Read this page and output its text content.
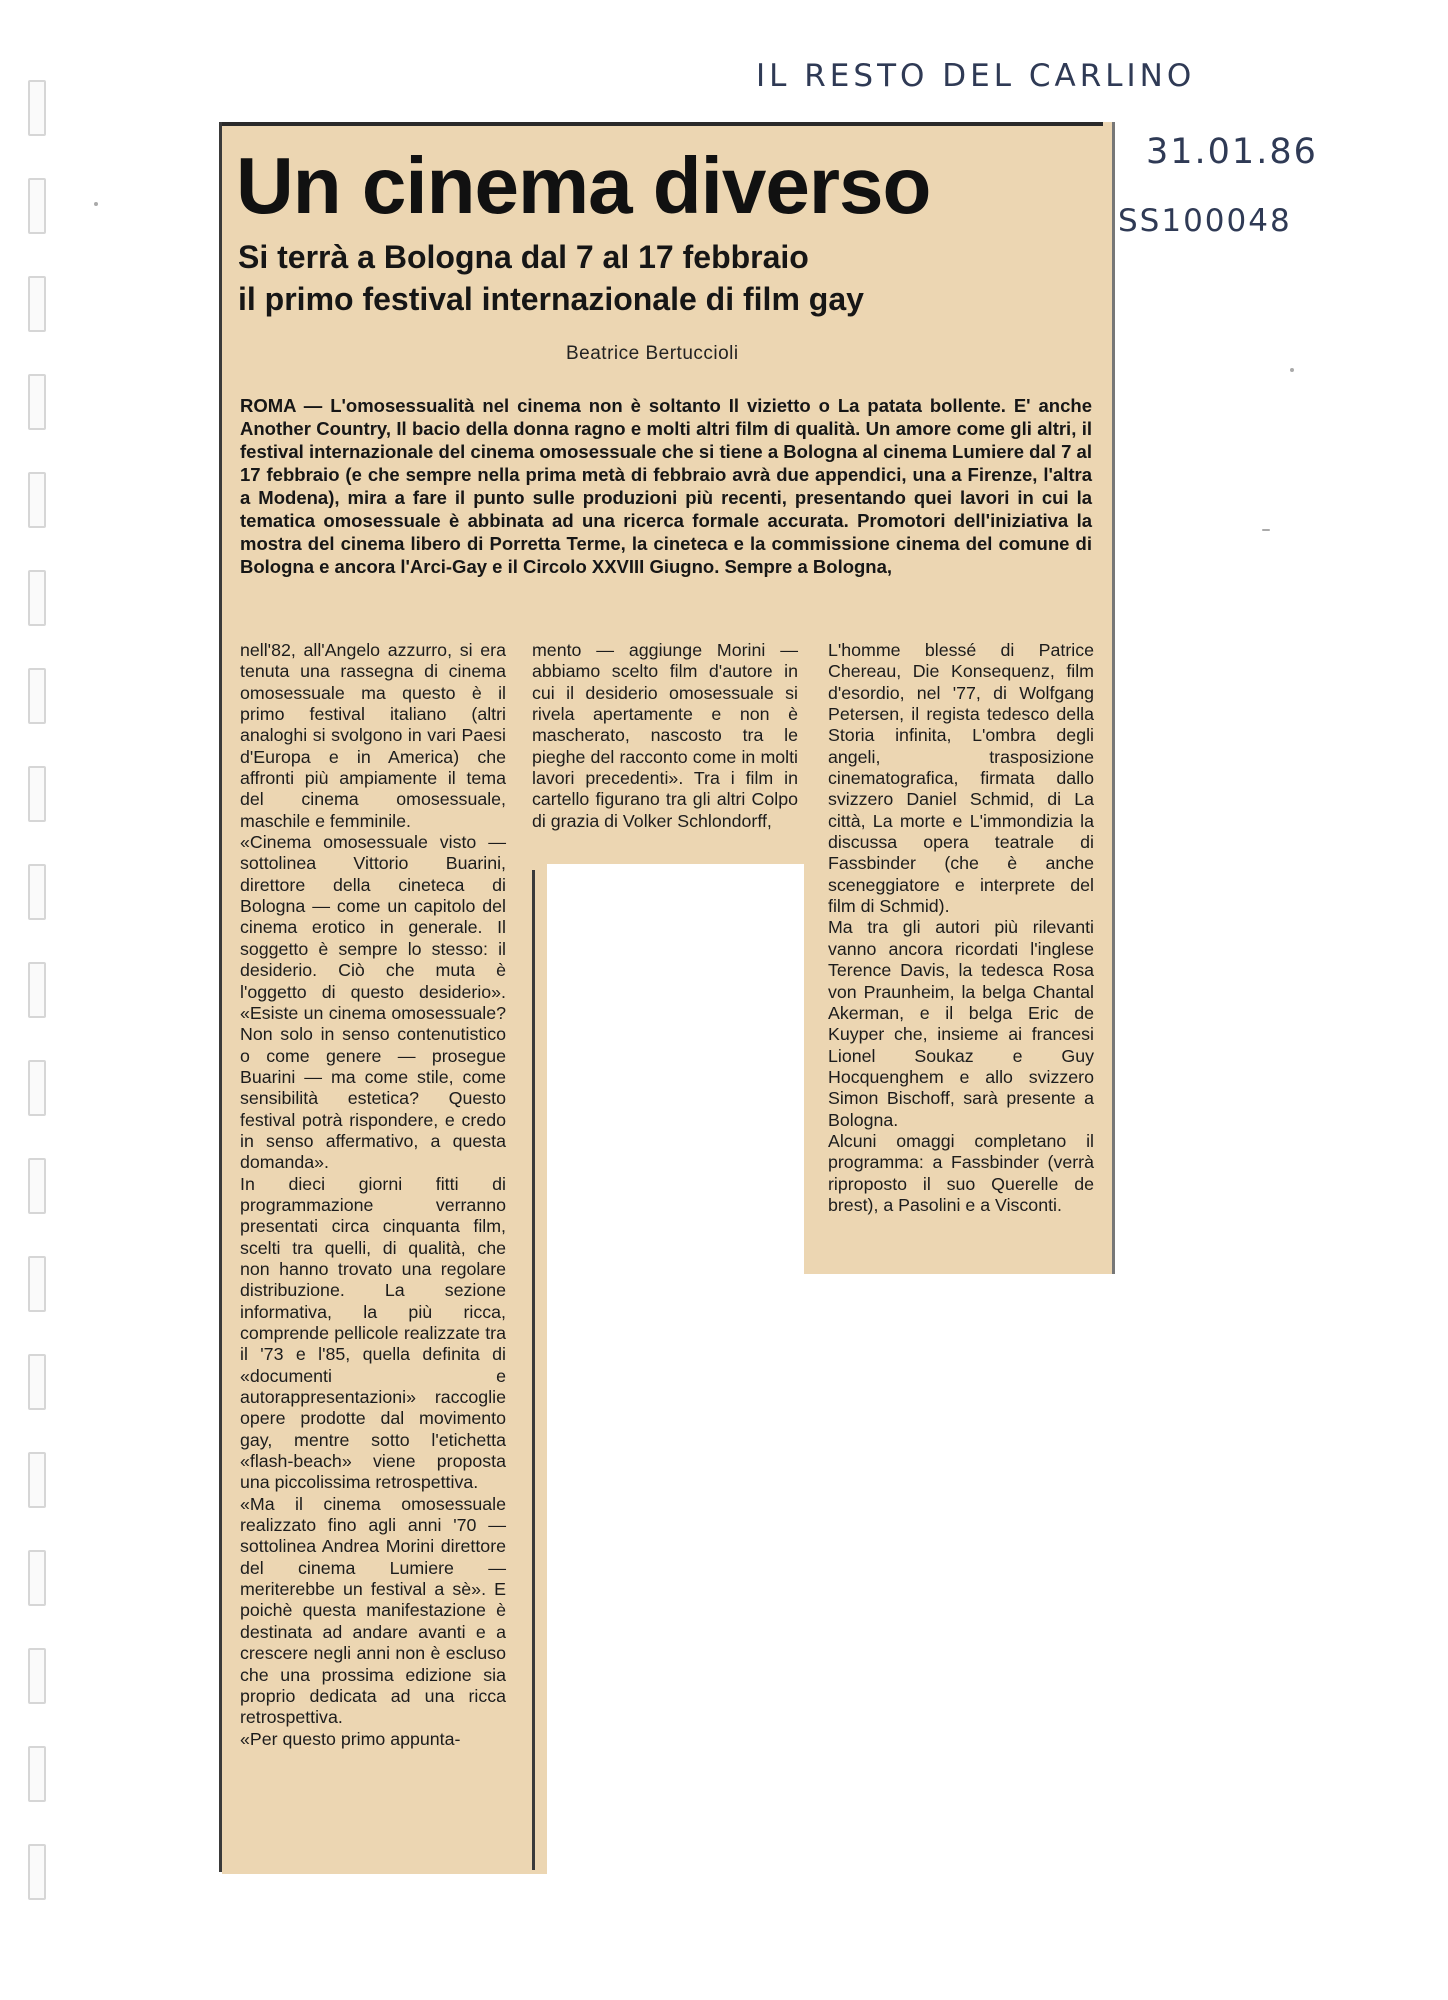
IL RESTO DEL CARLINO
31.01.86
SS100048
Un cinema diverso
Si terrà a Bologna dal 7 al 17 febbraio
il primo festival internazionale di film gay
Beatrice Bertuccioli

ROMA — L'omosessualità nel cinema non è soltanto Il vizietto o La patata bollente. E' anche Another Country, Il bacio della donna ragno e molti altri film di qualità. Un amore come gli altri, il festival internazionale del cinema omosessuale che si tiene a Bologna al cinema Lumiere dal 7 al 17 febbraio (e che sempre nella prima metà di febbraio avrà due appendici, una a Firenze, l'altra a Modena), mira a fare il punto sulle produzioni più recenti, presentando quei lavori in cui la tematica omosessuale è abbinata ad una ricerca formale accurata. Promotori dell'iniziativa la mostra del cinema libero di Porretta Terme, la cineteca e la commissione cinema del comune di Bologna e ancora l'Arci-Gay e il Circolo XXVIII Giugno. Sempre a Bologna,

nell'82, all'Angelo azzurro, si era tenuta una rassegna di cinema omosessuale ma questo è il primo festival italiano (altri analoghi si svolgono in vari Paesi d'Europa e in America) che affronti più ampiamente il tema del cinema omosessuale, maschile e femminile.

«Cinema omosessuale visto — sottolinea Vittorio Buarini, direttore della cineteca di Bologna — come un capitolo del cinema erotico in generale. Il soggetto è sempre lo stesso: il desiderio. Ciò che muta è l'oggetto di questo desiderio». «Esiste un cinema omosessuale? Non solo in senso contenutistico o come genere — prosegue Buarini — ma come stile, come sensibilità estetica? Questo festival potrà rispondere, e credo in senso affermativo, a questa domanda».

In dieci giorni fitti di programmazione verranno presentati circa cinquanta film, scelti tra quelli, di qualità, che non hanno trovato una regolare distribuzione. La sezione informativa, la più ricca, comprende pellicole realizzate tra il '73 e l'85, quella definita di «documenti e autorappresentazioni» raccoglie opere prodotte dal movimento gay, mentre sotto l'etichetta «flash-beach» viene proposta una piccolissima retrospettiva.

«Ma il cinema omosessuale realizzato fino agli anni '70 — sottolinea Andrea Morini direttore del cinema Lumiere — meriterebbe un festival a sè». E poichè questa manifestazione è destinata ad andare avanti e a crescere negli anni non è escluso che una prossima edizione sia proprio dedicata ad una ricca retrospettiva.

«Per questo primo appunta-

mento — aggiunge Morini — abbiamo scelto film d'autore in cui il desiderio omosessuale si rivela apertamente e non è mascherato, nascosto tra le pieghe del racconto come in molti lavori precedenti». Tra i film in cartello figurano tra gli altri Colpo di grazia di Volker Schlondorff,

L'homme blessé di Patrice Chereau, Die Konsequenz, film d'esordio, nel '77, di Wolfgang Petersen, il regista tedesco della Storia infinita, L'ombra degli angeli, trasposizione cinematografica, firmata dallo svizzero Daniel Schmid, di La città, La morte e L'immondizia la discussa opera teatrale di Fassbinder (che è anche sceneggiatore e interprete del film di Schmid).

Ma tra gli autori più rilevanti vanno ancora ricordati l'inglese Terence Davis, la tedesca Rosa von Praunheim, la belga Chantal Akerman, e il belga Eric de Kuyper che, insieme ai francesi Lionel Soukaz e Guy Hocquenghem e allo svizzero Simon Bischoff, sarà presente a Bologna.

Alcuni omaggi completano il programma: a Fassbinder (verrà riproposto il suo Querelle de brest), a Pasolini e a Visconti.
